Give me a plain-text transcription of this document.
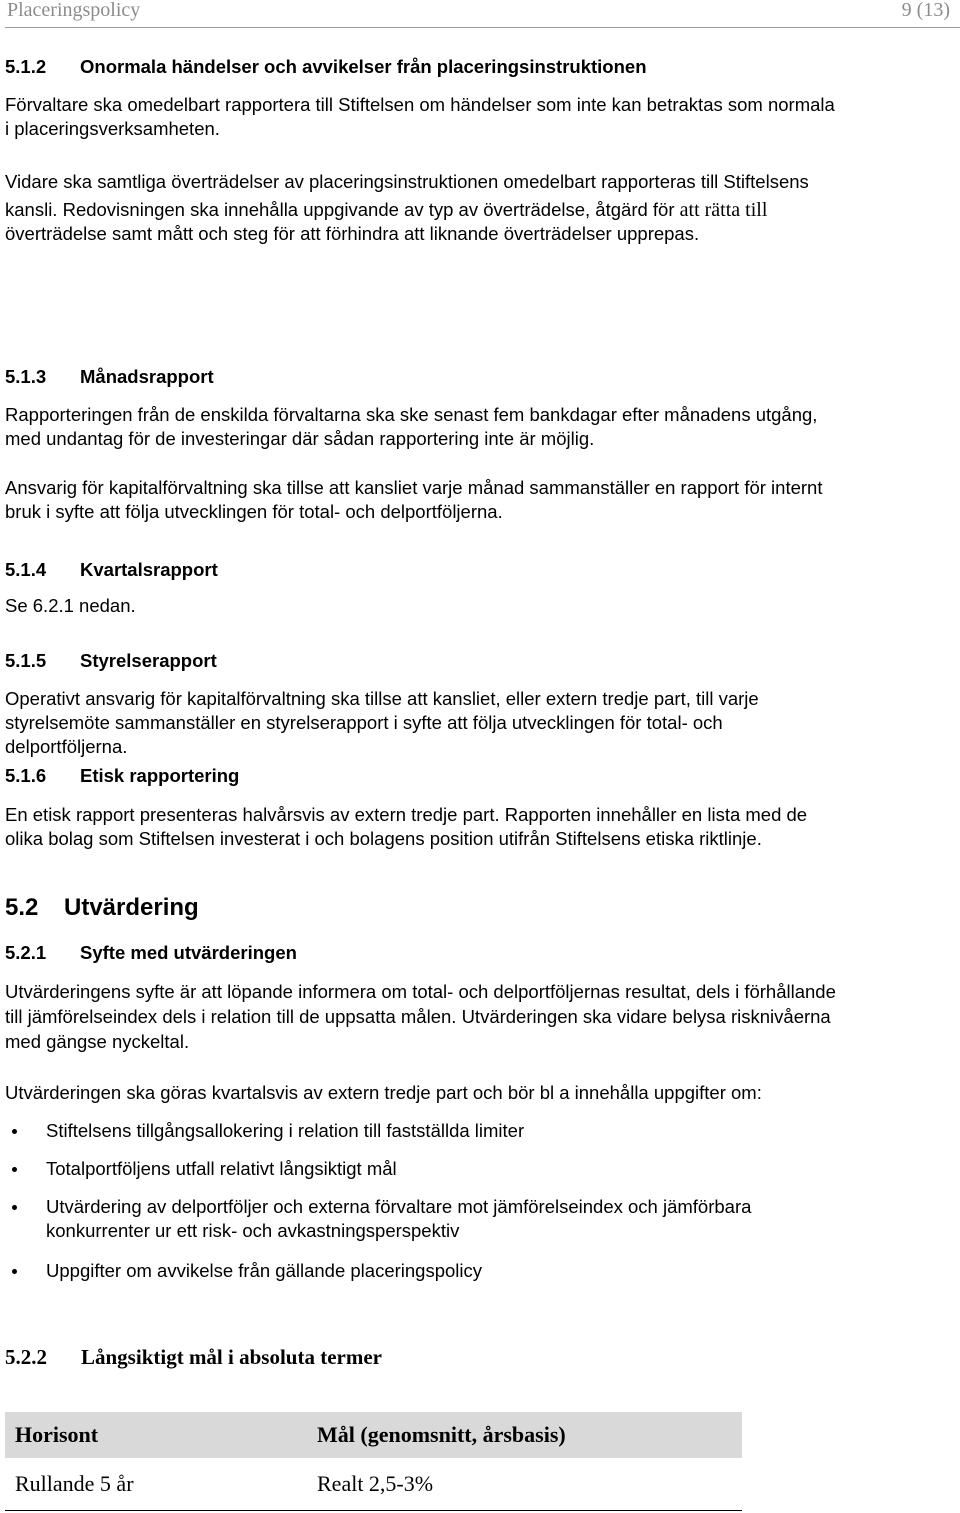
Placeringspolicy	9 (13)
5.1.2 Onormala händelser och avvikelser från placeringsinstruktionen
Förvaltare ska omedelbart rapportera till Stiftelsen om händelser som inte kan betraktas som normala
i placeringsverksamheten.
Vidare ska samtliga överträdelser av placeringsinstruktionen omedelbart rapporteras till Stiftelsens
kansli. Redovisningen ska innehålla uppgivande av typ av överträdelse, åtgärd för att rätta till
överträdelse samt mått och steg för att förhindra att liknande överträdelser upprepas.
5.1.3 Månadsrapport
Rapporteringen från de enskilda förvaltarna ska ske senast fem bankdagar efter månadens utgång,
med undantag för de investeringar där sådan rapportering inte är möjlig.
Ansvarig för kapitalförvaltning ska tillse att kansliet varje månad sammanställer en rapport för internt
bruk i syfte att följa utvecklingen för total- och delportföljerna.
5.1.4 Kvartalsrapport
Se 6.2.1 nedan.
5.1.5 Styrelserapport
Operativt ansvarig för kapitalförvaltning ska tillse att kansliet, eller extern tredje part, till varje
styrelsemöte sammanställer en styrelserapport i syfte att följa utvecklingen för total- och
delportföljerna.
5.1.6 Etisk rapportering
En etisk rapport presenteras halvårsvis av extern tredje part. Rapporten innehåller en lista med de
olika bolag som Stiftelsen investerat i och bolagens position utifrån Stiftelsens etiska riktlinje.
5.2 Utvärdering
5.2.1 Syfte med utvärderingen
Utvärderingens syfte är att löpande informera om total- och delportföljernas resultat, dels i förhållande
till jämförelseindex dels i relation till de uppsatta målen. Utvärderingen ska vidare belysa risknivåerna
med gängse nyckeltal.
Utvärderingen ska göras kvartalsvis av extern tredje part och bör bl a innehålla uppgifter om:
Stiftelsens tillgångsallokering i relation till fastställda limiter
Totalportföljens utfall relativt långsiktigt mål
Utvärdering av delportföljer och externa förvaltare mot jämförelseindex och jämförbara
konkurrenter ur ett risk- och avkastningsperspektiv
Uppgifter om avvikelse från gällande placeringspolicy
5.2.2 Långsiktigt mål i absoluta termer
Horisont	Mål (genomsnitt, årsbasis)
Rullande 5 år	Realt 2,5-3%
